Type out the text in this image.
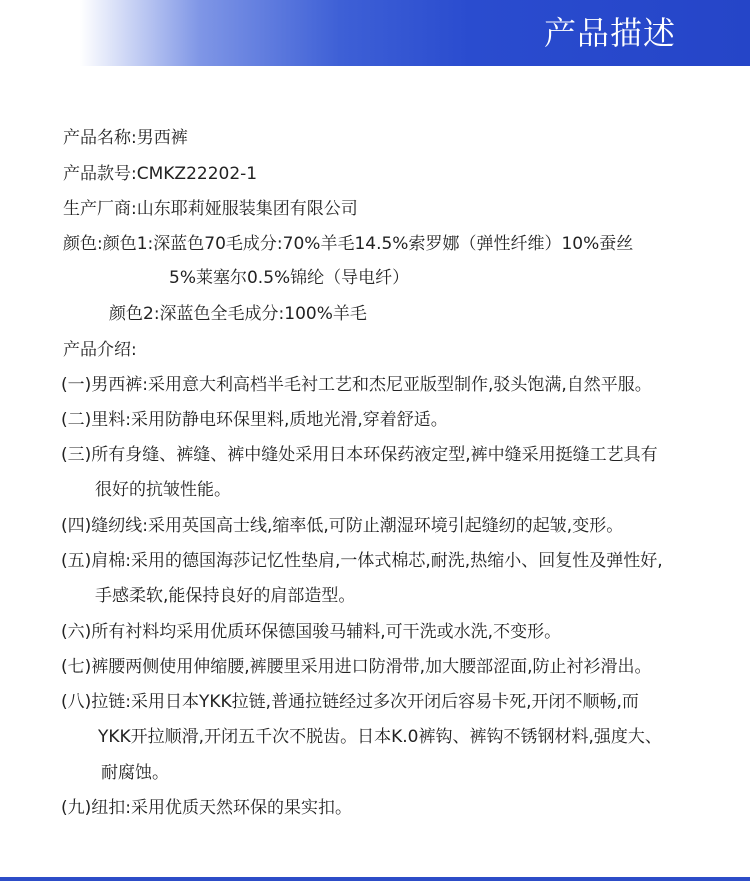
产品描述
产品名称:男西裤
产品款号:CMKZ22202-1
生产厂商:山东耶莉娅服装集团有限公司
颜色:颜色1:深蓝色70毛成分:70%羊毛14.5%索罗娜（弹性纤维）10%蚕丝
5%莱塞尔0.5%锦纶（导电纤）
颜色2:深蓝色全毛成分:100%羊毛
产品介绍:
(一)男西裤:采用意大利高档半毛衬工艺和杰尼亚版型制作,驳头饱满,自然平服。
(二)里料:采用防静电环保里料,质地光滑,穿着舒适。
(三)所有身缝、裤缝、裤中缝处采用日本环保药液定型,裤中缝采用挺缝工艺具有
很好的抗皱性能。
(四)缝纫线:采用英国高士线,缩率低,可防止潮湿环境引起缝纫的起皱,变形。
(五)肩棉:采用的德国海莎记忆性垫肩,一体式棉芯,耐洗,热缩小、回复性及弹性好,
手感柔软,能保持良好的肩部造型。
(六)所有衬料均采用优质环保德国骏马辅料,可干洗或水洗,不变形。
(七)裤腰两侧使用伸缩腰,裤腰里采用进口防滑带,加大腰部涩面,防止衬衫滑出。
(八)拉链:采用日本YKK拉链,普通拉链经过多次开闭后容易卡死,开闭不顺畅,而
YKK开拉顺滑,开闭五千次不脱齿。日本K.0裤钩、裤钩不锈钢材料,强度大、
耐腐蚀。
(九)纽扣:采用优质天然环保的果实扣。
